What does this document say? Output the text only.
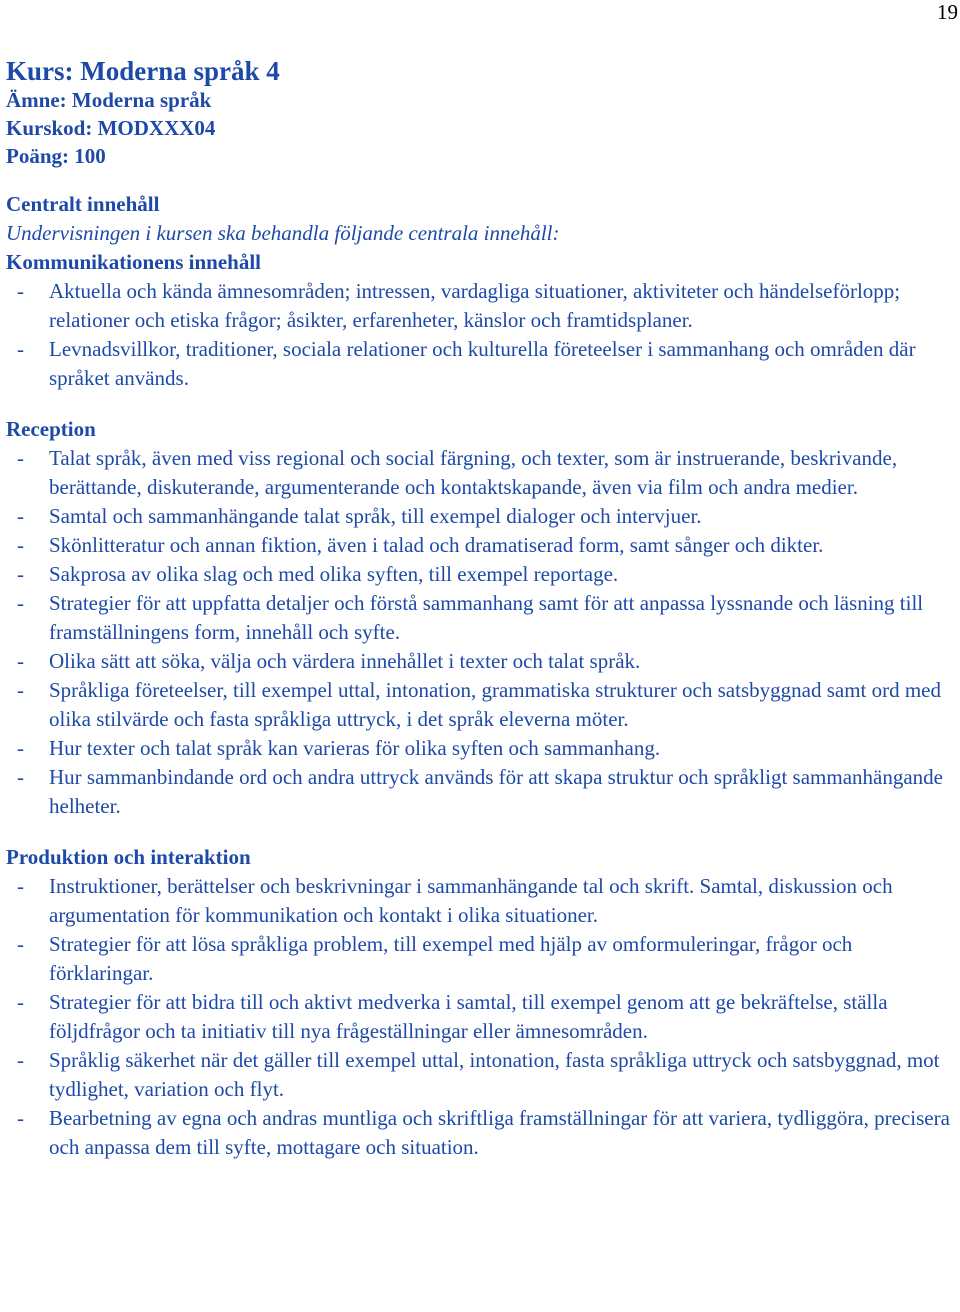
19
Kurs: Moderna språk 4

Ämne: Moderna språk

Kurskod: MODXXX04

Poäng: 100

Centralt innehåll

Undervisningen i kursen ska behandla följande centrala innehåll:

Kommunikationens innehåll
- Aktuella och kända ämnesområden; intressen, vardagliga situationer, aktiviteter och händelseförlopp; relationer och etiska frågor; åsikter, erfarenheter, känslor och framtidsplaner.
- Levnadsvillkor, traditioner, sociala relationer och kulturella företeelser i sammanhang och områden där språket används.
Reception
- Talat språk, även med viss regional och social färgning, och texter, som är instruerande, beskrivande, berättande, diskuterande, argumenterande och kontaktskapande, även via film och andra medier.
- Samtal och sammanhängande talat språk, till exempel dialoger och intervjuer.
- Skönlitteratur och annan fiktion, även i talad och dramatiserad form, samt sånger och dikter.
- Sakprosa av olika slag och med olika syften, till exempel reportage.
- Strategier för att uppfatta detaljer och förstå sammanhang samt för att anpassa lyssnande och läsning till framställningens form, innehåll och syfte.
- Olika sätt att söka, välja och värdera innehållet i texter och talat språk.
- Språkliga företeelser, till exempel uttal, intonation, grammatiska strukturer och satsbyggnad samt ord med olika stilvärde och fasta språkliga uttryck, i det språk eleverna möter.
- Hur texter och talat språk kan varieras för olika syften och sammanhang.
- Hur sammanbindande ord och andra uttryck används för att skapa struktur och språkligt sammanhängande helheter.
Produktion och interaktion
- Instruktioner, berättelser och beskrivningar i sammanhängande tal och skrift. Samtal, diskussion och argumentation för kommunikation och kontakt i olika situationer.
- Strategier för att lösa språkliga problem, till exempel med hjälp av omformuleringar, frågor och förklaringar.
- Strategier för att bidra till och aktivt medverka i samtal, till exempel genom att ge bekräftelse, ställa följdfrågor och ta initiativ till nya frågeställningar eller ämnesområden.
- Språklig säkerhet när det gäller till exempel uttal, intonation, fasta språkliga uttryck och satsbyggnad, mot tydlighet, variation och flyt.
- Bearbetning av egna och andras muntliga och skriftliga framställningar för att variera, tydliggöra, precisera och anpassa dem till syfte, mottagare och situation.
